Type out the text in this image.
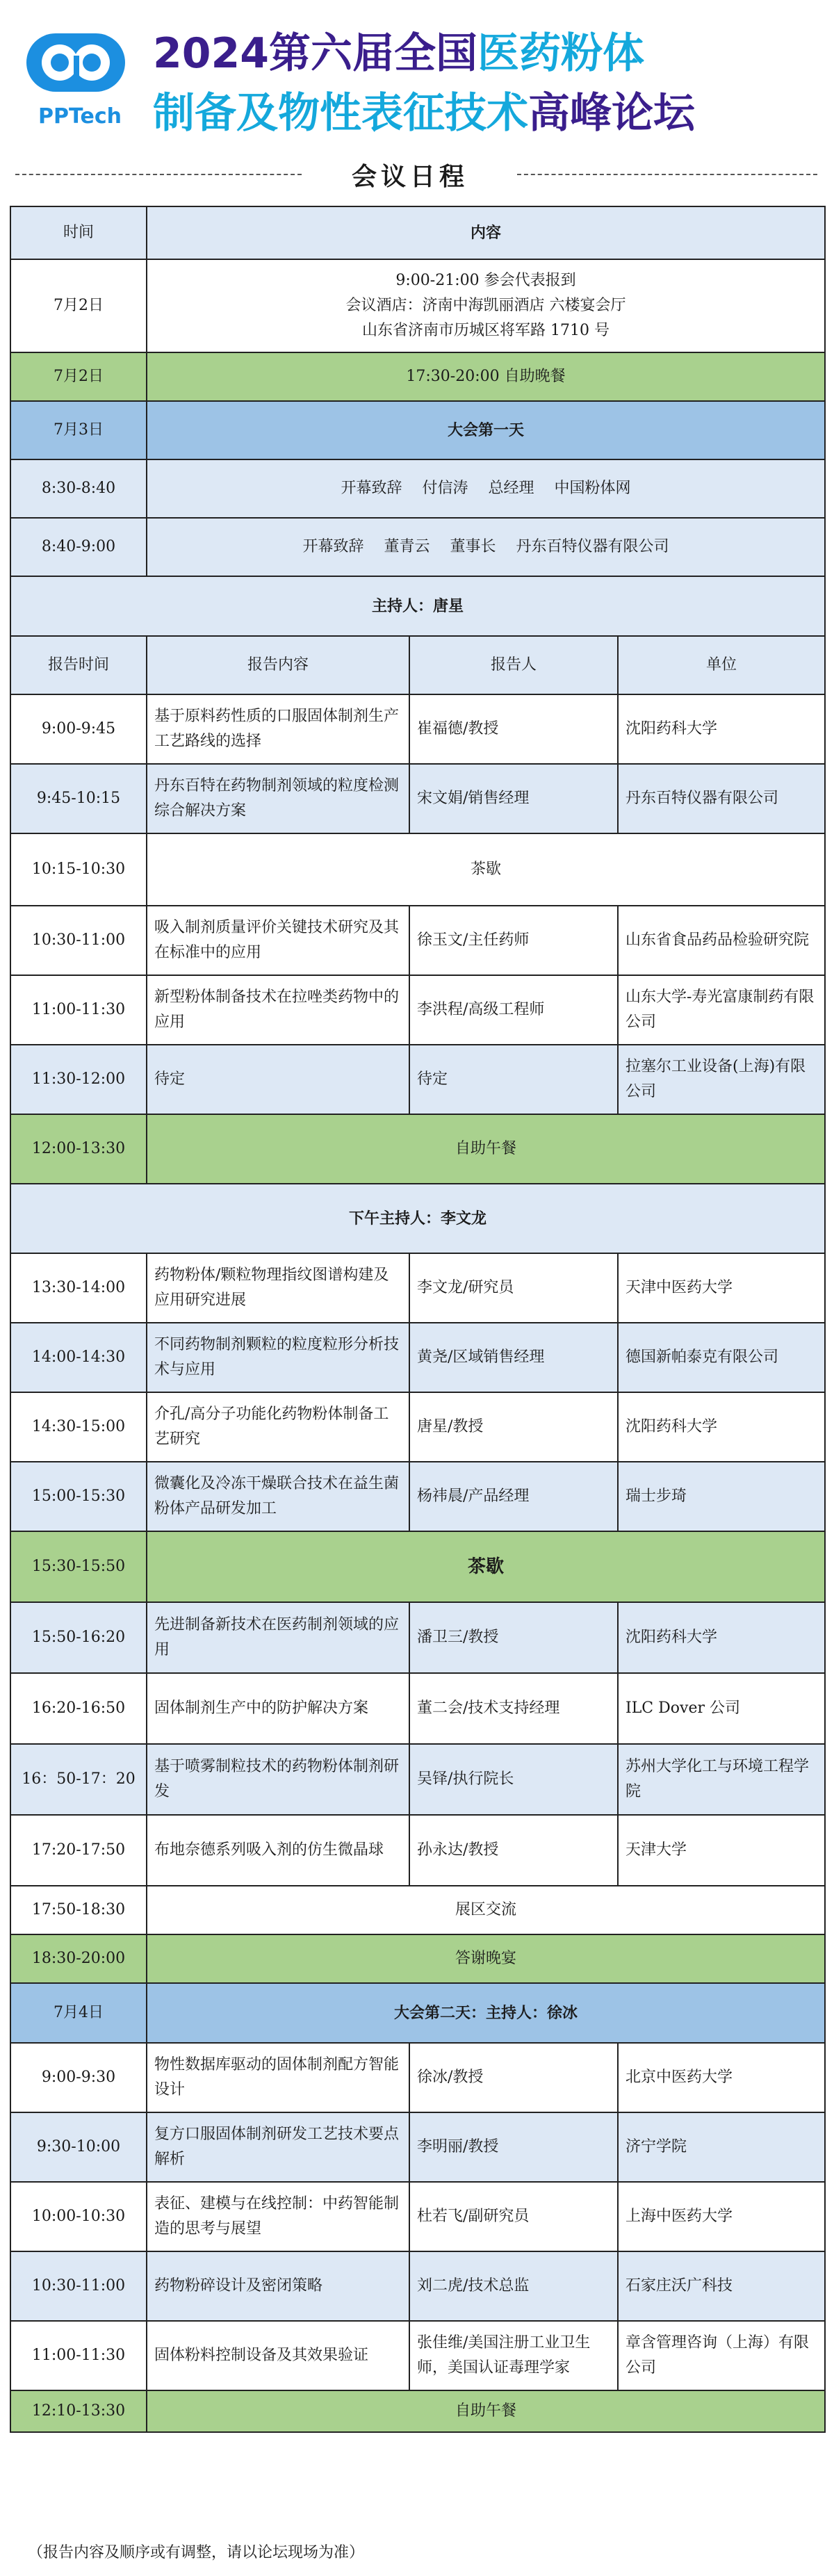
PPTech
2024第六届全国医药粉体
制备及物性表征技术高峰论坛
会议日程
时间	内容		
7月2日	9:00-21:00 参会代表报到
会议酒店：济南中海凯丽酒店 六楼宴会厅
山东省济南市历城区将军路 1710 号		

7月2日	17:30-20:00 自助晚餐		
7月3日	大会第一天		
8:30-8:40	开幕致辞　 付信涛　 总经理　 中国粉体网		
8:40-9:00	开幕致辞　 董青云　 董事长　 丹东百特仪器有限公司		
主持人：唐星			
报告时间	报告内容	报告人	单位
9:00-9:45	基于原料药性质的口服固体制剂生产工艺路线的选择	崔福德/教授	沈阳药科大学
9:45-10:15	丹东百特在药物制剂领域的粒度检测综合解决方案	宋文娟/销售经理	丹东百特仪器有限公司
10:15-10:30	茶歇		
10:30-11:00	吸入制剂质量评价关键技术研究及其在标准中的应用	徐玉文/主任药师	山东省食品药品检验研究院
11:00-11:30	新型粉体制备技术在拉唑类药物中的应用	李洪程/高级工程师	山东大学-寿光富康制药有限公司
11:30-12:00	待定	待定	拉塞尔工业设备(上海)有限公司
12:00-13:30	自助午餐		
下午主持人：李文龙			
13:30-14:00	药物粉体/颗粒物理指纹图谱构建及应用研究进展	李文龙/研究员	天津中医药大学
14:00-14:30	不同药物制剂颗粒的粒度粒形分析技术与应用	黄尧/区域销售经理	德国新帕泰克有限公司
14:30-15:00	介孔/高分子功能化药物粉体制备工艺研究	唐星/教授	沈阳药科大学
15:00-15:30	微囊化及冷冻干燥联合技术在益生菌粉体产品研发加工	杨祎晨/产品经理	瑞士步琦
15:30-15:50	茶歇		
15:50-16:20	先进制备新技术在医药制剂领域的应用	潘卫三/教授	沈阳药科大学
16:20-16:50	固体制剂生产中的防护解决方案	董二会/技术支持经理	ILC Dover 公司
16：50-17：20	基于喷雾制粒技术的药物粉体制剂研发	吴铎/执行院长	苏州大学化工与环境工程学院
17:20-17:50	布地奈德系列吸入剂的仿生微晶球	孙永达/教授	天津大学
17:50-18:30	展区交流		
18:30-20:00	答谢晚宴		
7月4日	大会第二天：主持人：徐冰		
9:00-9:30	物性数据库驱动的固体制剂配方智能设计	徐冰/教授	北京中医药大学
9:30-10:00	复方口服固体制剂研发工艺技术要点解析	李明丽/教授	济宁学院
10:00-10:30	表征、建模与在线控制：中药智能制造的思考与展望	杜若飞/副研究员	上海中医药大学
10:30-11:00	药物粉碎设计及密闭策略	刘二虎/技术总监	石家庄沃广科技
11:00-11:30	固体粉料控制设备及其效果验证	张佳维/美国注册工业卫生师，美国认证毒理学家	章含管理咨询（上海）有限公司
12:10-13:30	自助午餐		
（报告内容及顺序或有调整，请以论坛现场为准）
